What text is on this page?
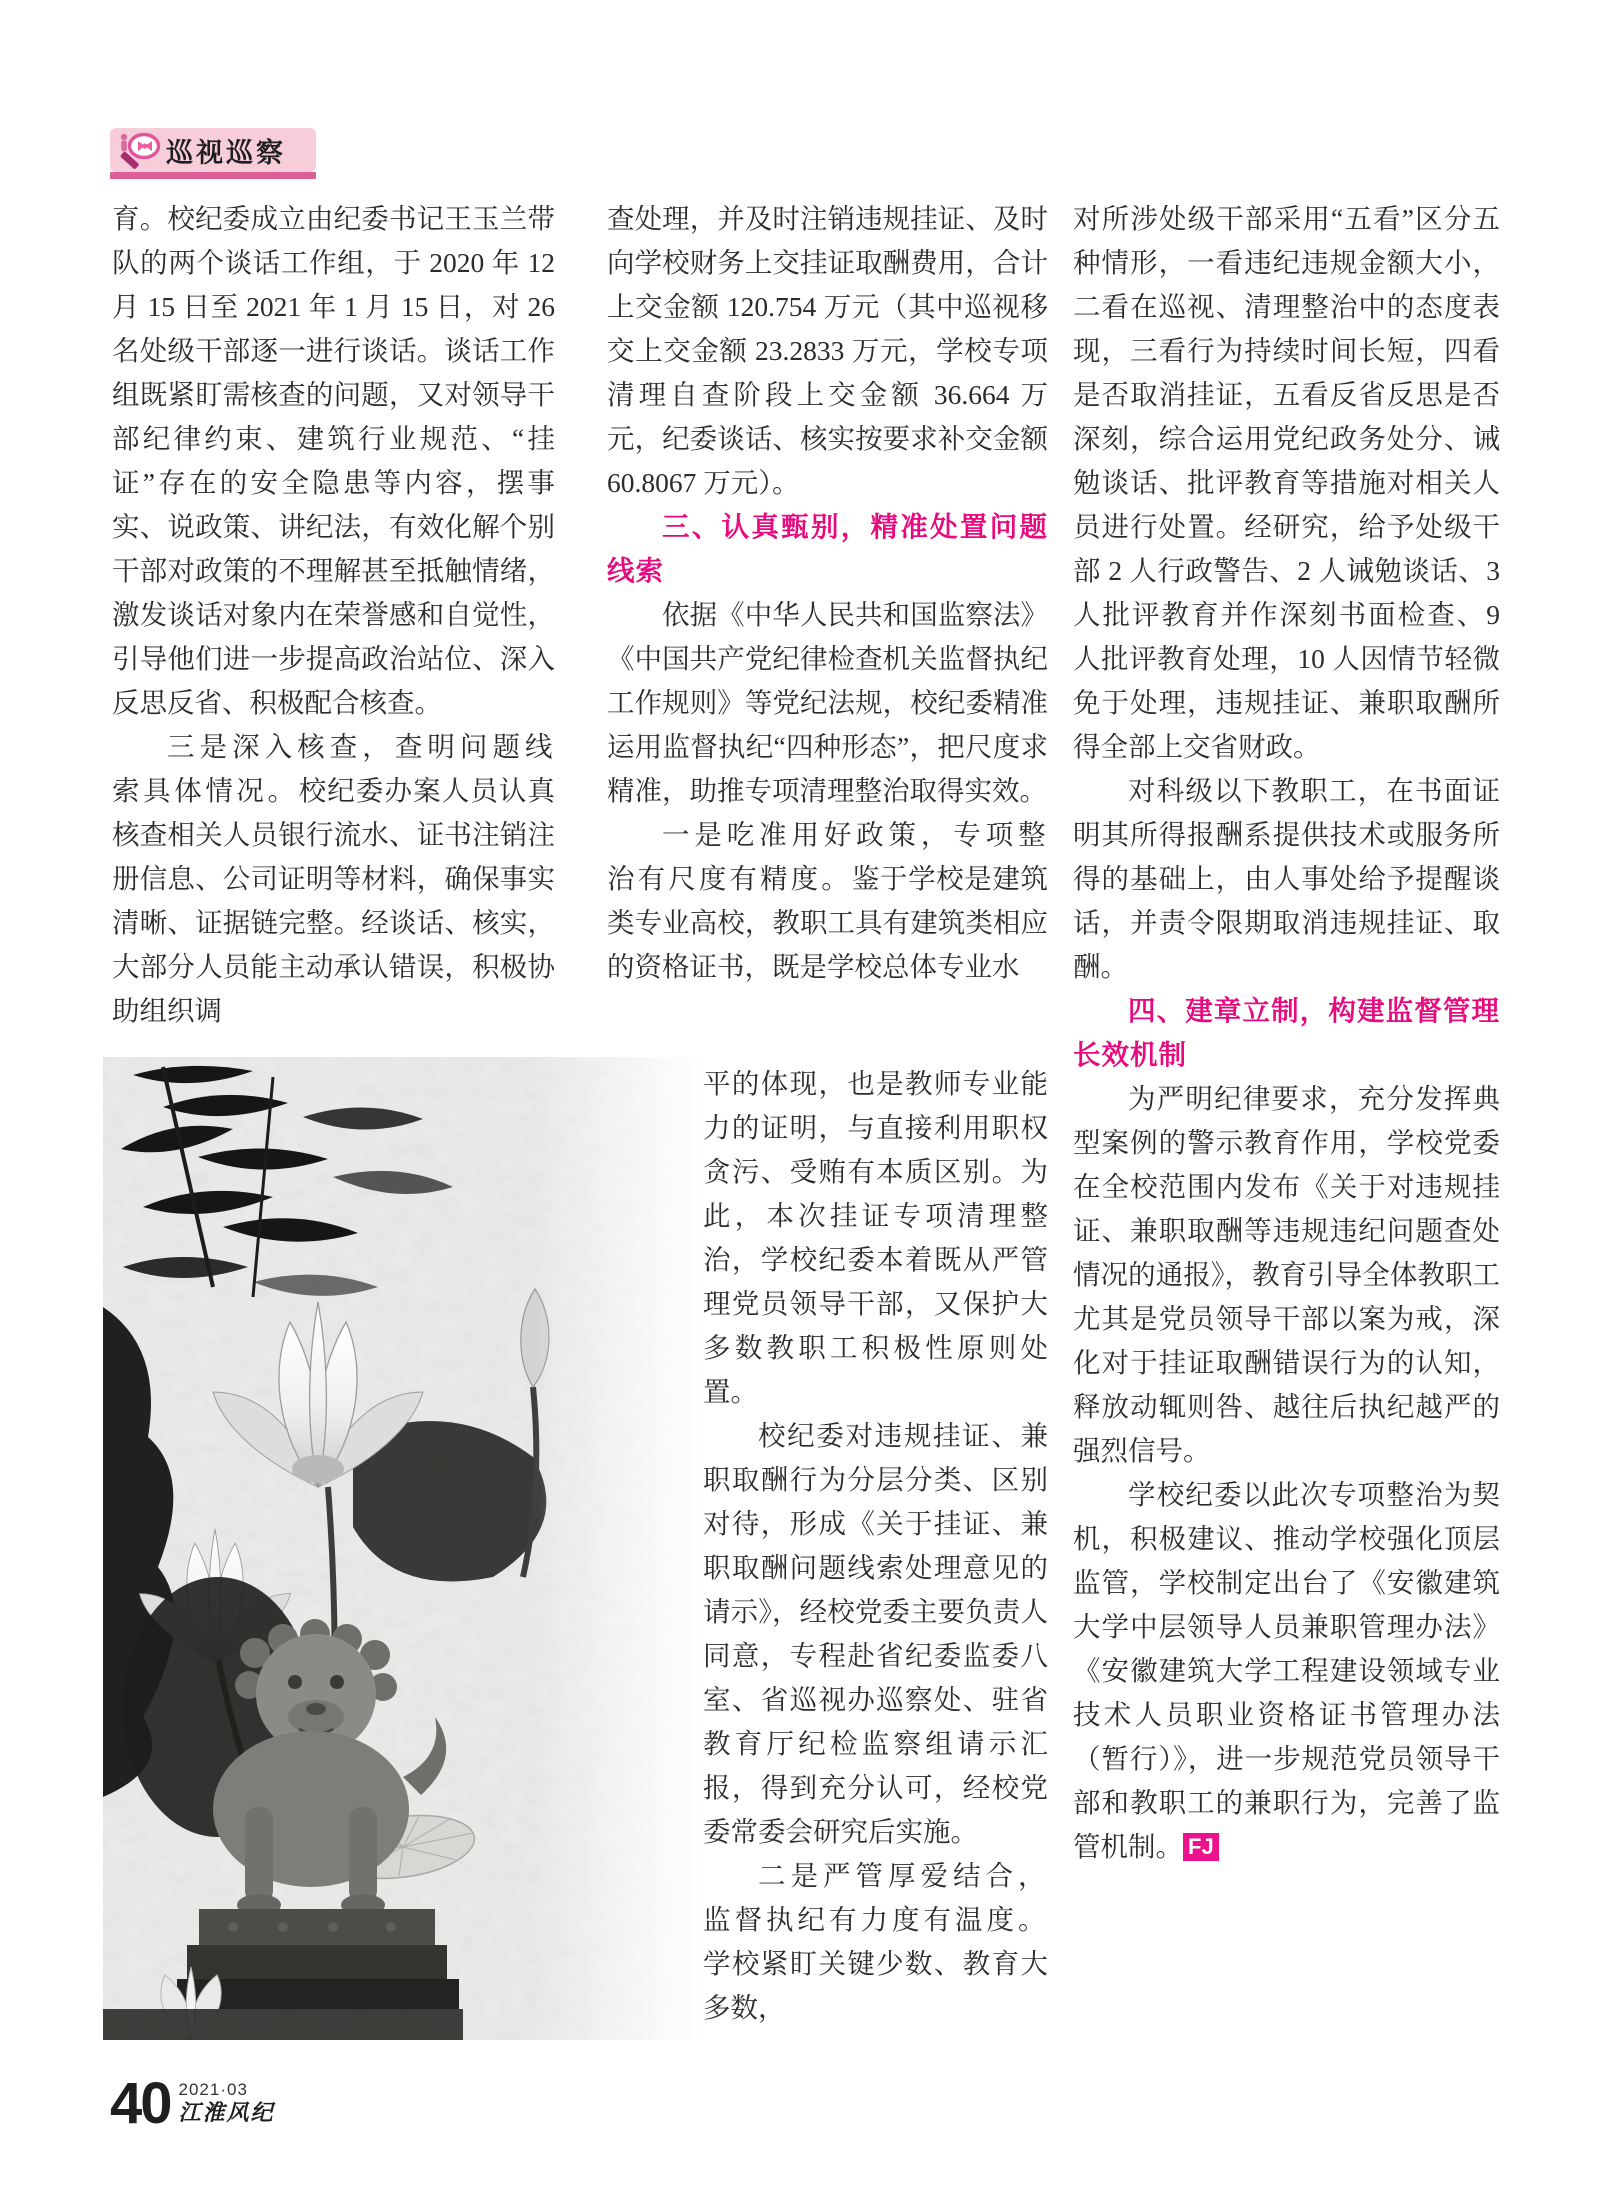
巡视巡察

育。校纪委成立由纪委书记王玉兰带队的两个谈话工作组，于 2020 年 12 月 15 日至 2021 年 1 月 15 日，对 26 名处级干部逐一进行谈话。谈话工作组既紧盯需核查的问题，又对领导干部纪律约束、建筑行业规范、“挂证”存在的安全隐患等内容，摆事实、说政策、讲纪法，有效化解个别干部对政策的不理解甚至抵触情绪，激发谈话对象内在荣誉感和自觉性，引导他们进一步提高政治站位、深入反思反省、积极配合核查。

三是深入核查，查明问题线索具体情况。校纪委办案人员认真核查相关人员银行流水、证书注销注册信息、公司证明等材料，确保事实清晰、证据链完整。经谈话、核实，大部分人员能主动承认错误，积极协助组织调

查处理，并及时注销违规挂证、及时向学校财务上交挂证取酬费用，合计上交金额 120.754 万元（其中巡视移交上交金额 23.2833 万元，学校专项清理自查阶段上交金额 36.664 万元，纪委谈话、核实按要求补交金额 60.8067 万元）。

三、认真甄别，精准处置问题线索

依据《中华人民共和国监察法》《中国共产党纪律检查机关监督执纪工作规则》等党纪法规，校纪委精准运用监督执纪“四种形态”，把尺度求精准，助推专项清理整治取得实效。

一是吃准用好政策，专项整治有尺度有精度。鉴于学校是建筑类专业高校，教职工具有建筑类相应的资格证书，既是学校总体专业水

平的体现，也是教师专业能力的证明，与直接利用职权贪污、受贿有本质区别。为此，本次挂证专项清理整治，学校纪委本着既从严管理党员领导干部，又保护大多数教职工积极性原则处置。

校纪委对违规挂证、兼职取酬行为分层分类、区别对待，形成《关于挂证、兼职取酬问题线索处理意见的请示》，经校党委主要负责人同意，专程赴省纪委监委八室、省巡视办巡察处、驻省教育厅纪检监察组请示汇报，得到充分认可，经校党委常委会研究后实施。

二是严管厚爱结合，监督执纪有力度有温度。学校紧盯关键少数、教育大多数，

对所涉处级干部采用“五看”区分五种情形，一看违纪违规金额大小，二看在巡视、清理整治中的态度表现，三看行为持续时间长短，四看是否取消挂证，五看反省反思是否深刻，综合运用党纪政务处分、诫勉谈话、批评教育等措施对相关人员进行处置。经研究，给予处级干部 2 人行政警告、2 人诫勉谈话、3 人批评教育并作深刻书面检查、9 人批评教育处理，10 人因情节轻微免于处理，违规挂证、兼职取酬所得全部上交省财政。

对科级以下教职工，在书面证明其所得报酬系提供技术或服务所得的基础上，由人事处给予提醒谈话，并责令限期取消违规挂证、取酬。

四、建章立制，构建监督管理长效机制

为严明纪律要求，充分发挥典型案例的警示教育作用，学校党委在全校范围内发布《关于对违规挂证、兼职取酬等违规违纪问题查处情况的通报》，教育引导全体教职工尤其是党员领导干部以案为戒，深化对于挂证取酬错误行为的认知，释放动辄则咎、越往后执纪越严的强烈信号。

学校纪委以此次专项整治为契机，积极建议、推动学校强化顶层监管，学校制定出台了《安徽建筑大学中层领导人员兼职管理办法》《安徽建筑大学工程建设领域专业技术人员职业资格证书管理办法（暂行）》，进一步规范党员领导干部和教职工的兼职行为，完善了监管机制。 FJ

40 2021·03
江淮风纪
